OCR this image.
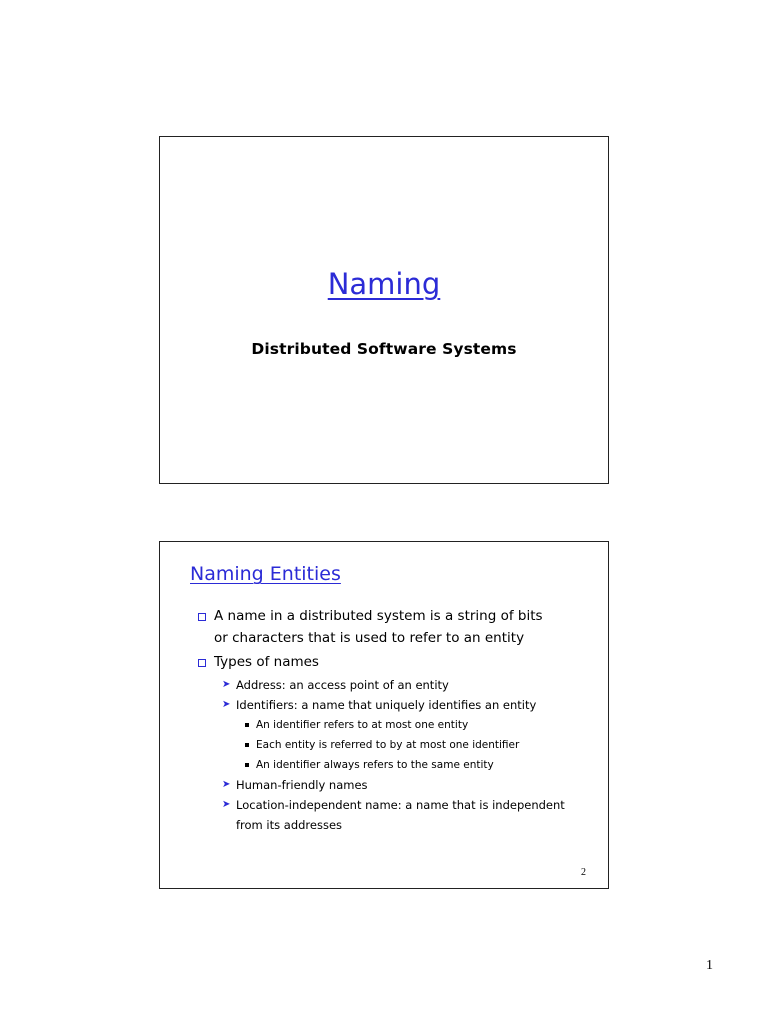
Naming
Distributed Software Systems
Naming Entities
A name in a distributed system is a string of bits
or characters that is used to refer to an entity
Types of names
➤ Address: an access point of an entity
➤ Identifiers: a name that uniquely identifies an entity
An identifier refers to at most one entity
Each entity is referred to by at most one identifier
An identifier always refers to the same entity
➤ Human-friendly names
➤ Location-independent name: a name that is independent
from its addresses
2
1
